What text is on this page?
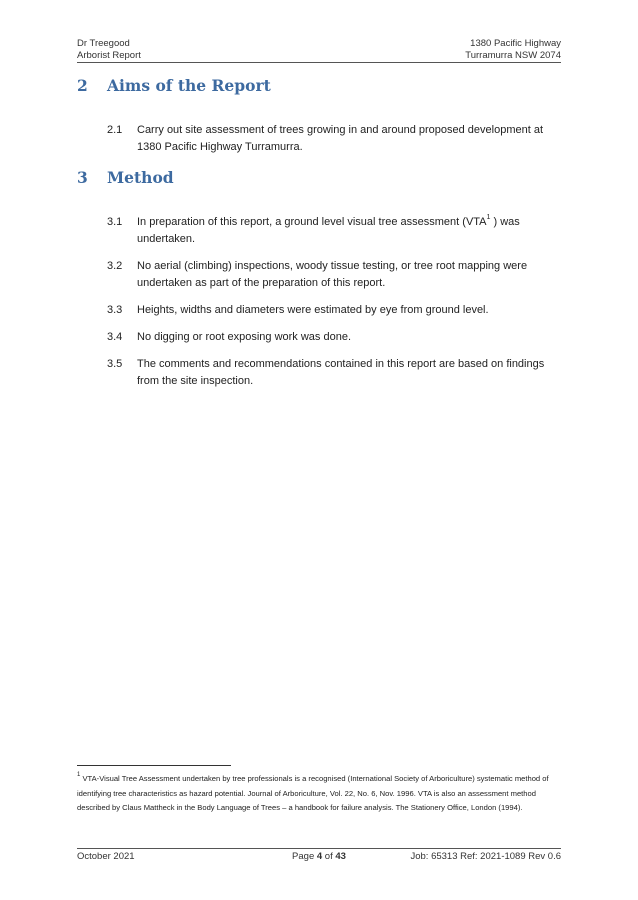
Dr Treegood
Arborist Report
1380 Pacific Highway
Turramurra NSW 2074
2 Aims of the Report
2.1 Carry out site assessment of trees growing in and around proposed development at 1380 Pacific Highway Turramurra.
3 Method
3.1 In preparation of this report, a ground level visual tree assessment (VTA$^1$ ) was undertaken.
3.2 No aerial (climbing) inspections, woody tissue testing, or tree root mapping were undertaken as part of the preparation of this report.
3.3 Heights, widths and diameters were estimated by eye from ground level.
3.4 No digging or root exposing work was done.
3.5 The comments and recommendations contained in this report are based on findings from the site inspection.
$^1$ VTA-Visual Tree Assessment undertaken by tree professionals is a recognised (International Society of Arboriculture) systematic method of identifying tree characteristics as hazard potential. Journal of Arboriculture, Vol. 22, No. 6, Nov. 1996. VTA is also an assessment method described by Claus Mattheck in the Body Language of Trees – a handbook for failure analysis. The Stationery Office, London (1994).
October 2021	Page 4 of 43	Job: 65313 Ref: 2021-1089 Rev 0.6
